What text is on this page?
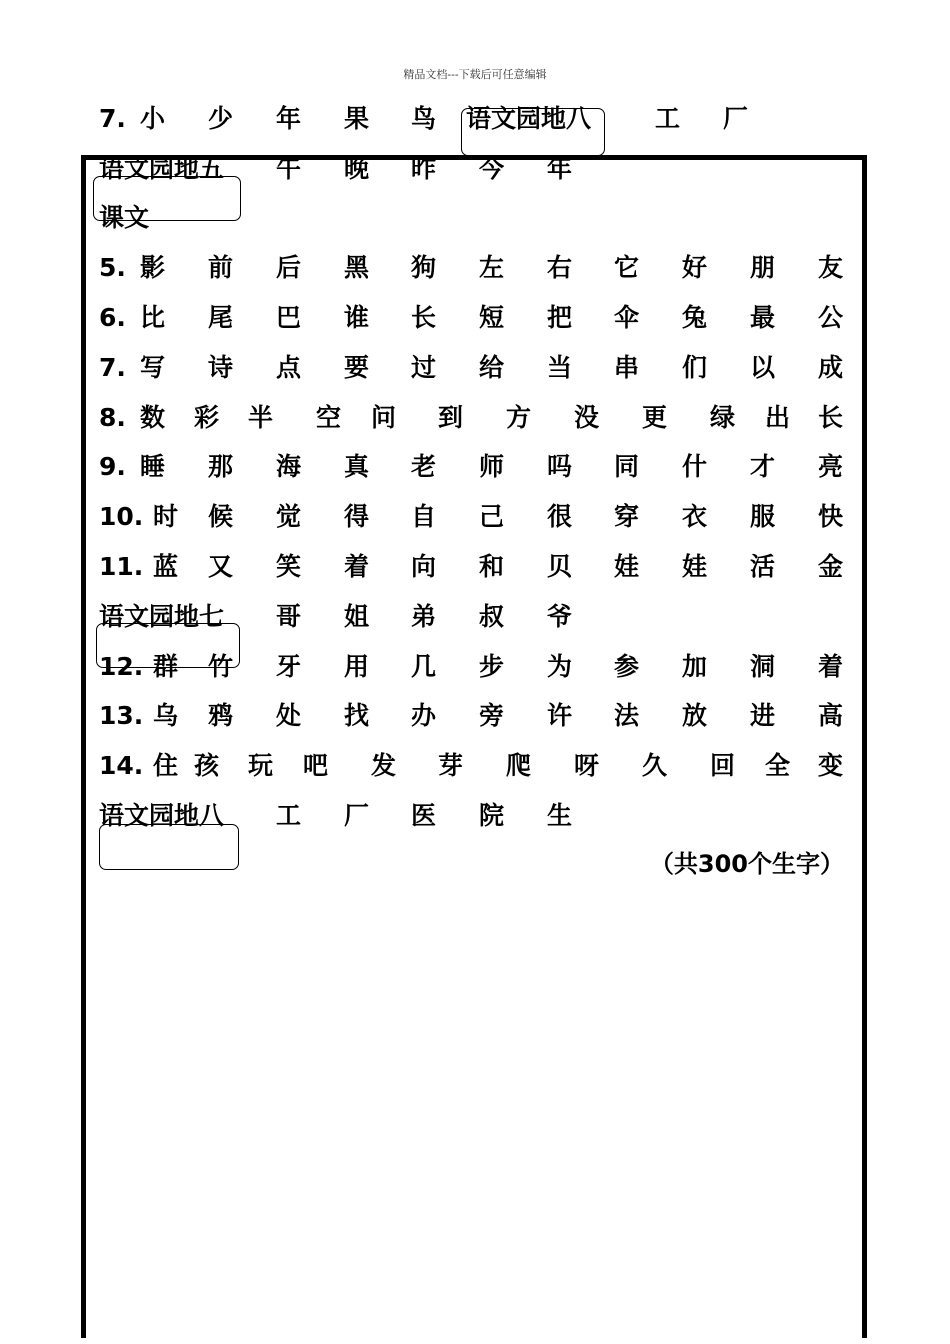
精品文档---下载后可任意编辑
7. 小 少 年 果 鸟 语文园地八	工 厂
语文园地五 午 晚 昨 今 年
课文
5. 影 前 后 黑 狗 左 右 它 好 朋 友
6. 比 尾 巴 谁 长 短 把 伞 兔 最 公
7. 写 诗 点 要 过 给 当 串 们 以 成
8. 数 彩 半 空 问 到 方 没 更 绿 出 长
9. 睡 那 海 真 老 师 吗 同 什 才 亮
10. 时 候 觉 得 自 己 很 穿 衣 服 快
11. 蓝 又 笑 着 向 和 贝 娃 娃 活 金
语文园地七 哥 姐 弟 叔 爷
12. 群 竹 牙 用 几 步 为 参 加 洞 着
13. 乌 鸦 处 找 办 旁 许 法 放 进 高
14. 住 孩 玩 吧 发 芽 爬 呀 久 回 全 变
语文园地八 工 厂 医 院 生
（共300个生字）
